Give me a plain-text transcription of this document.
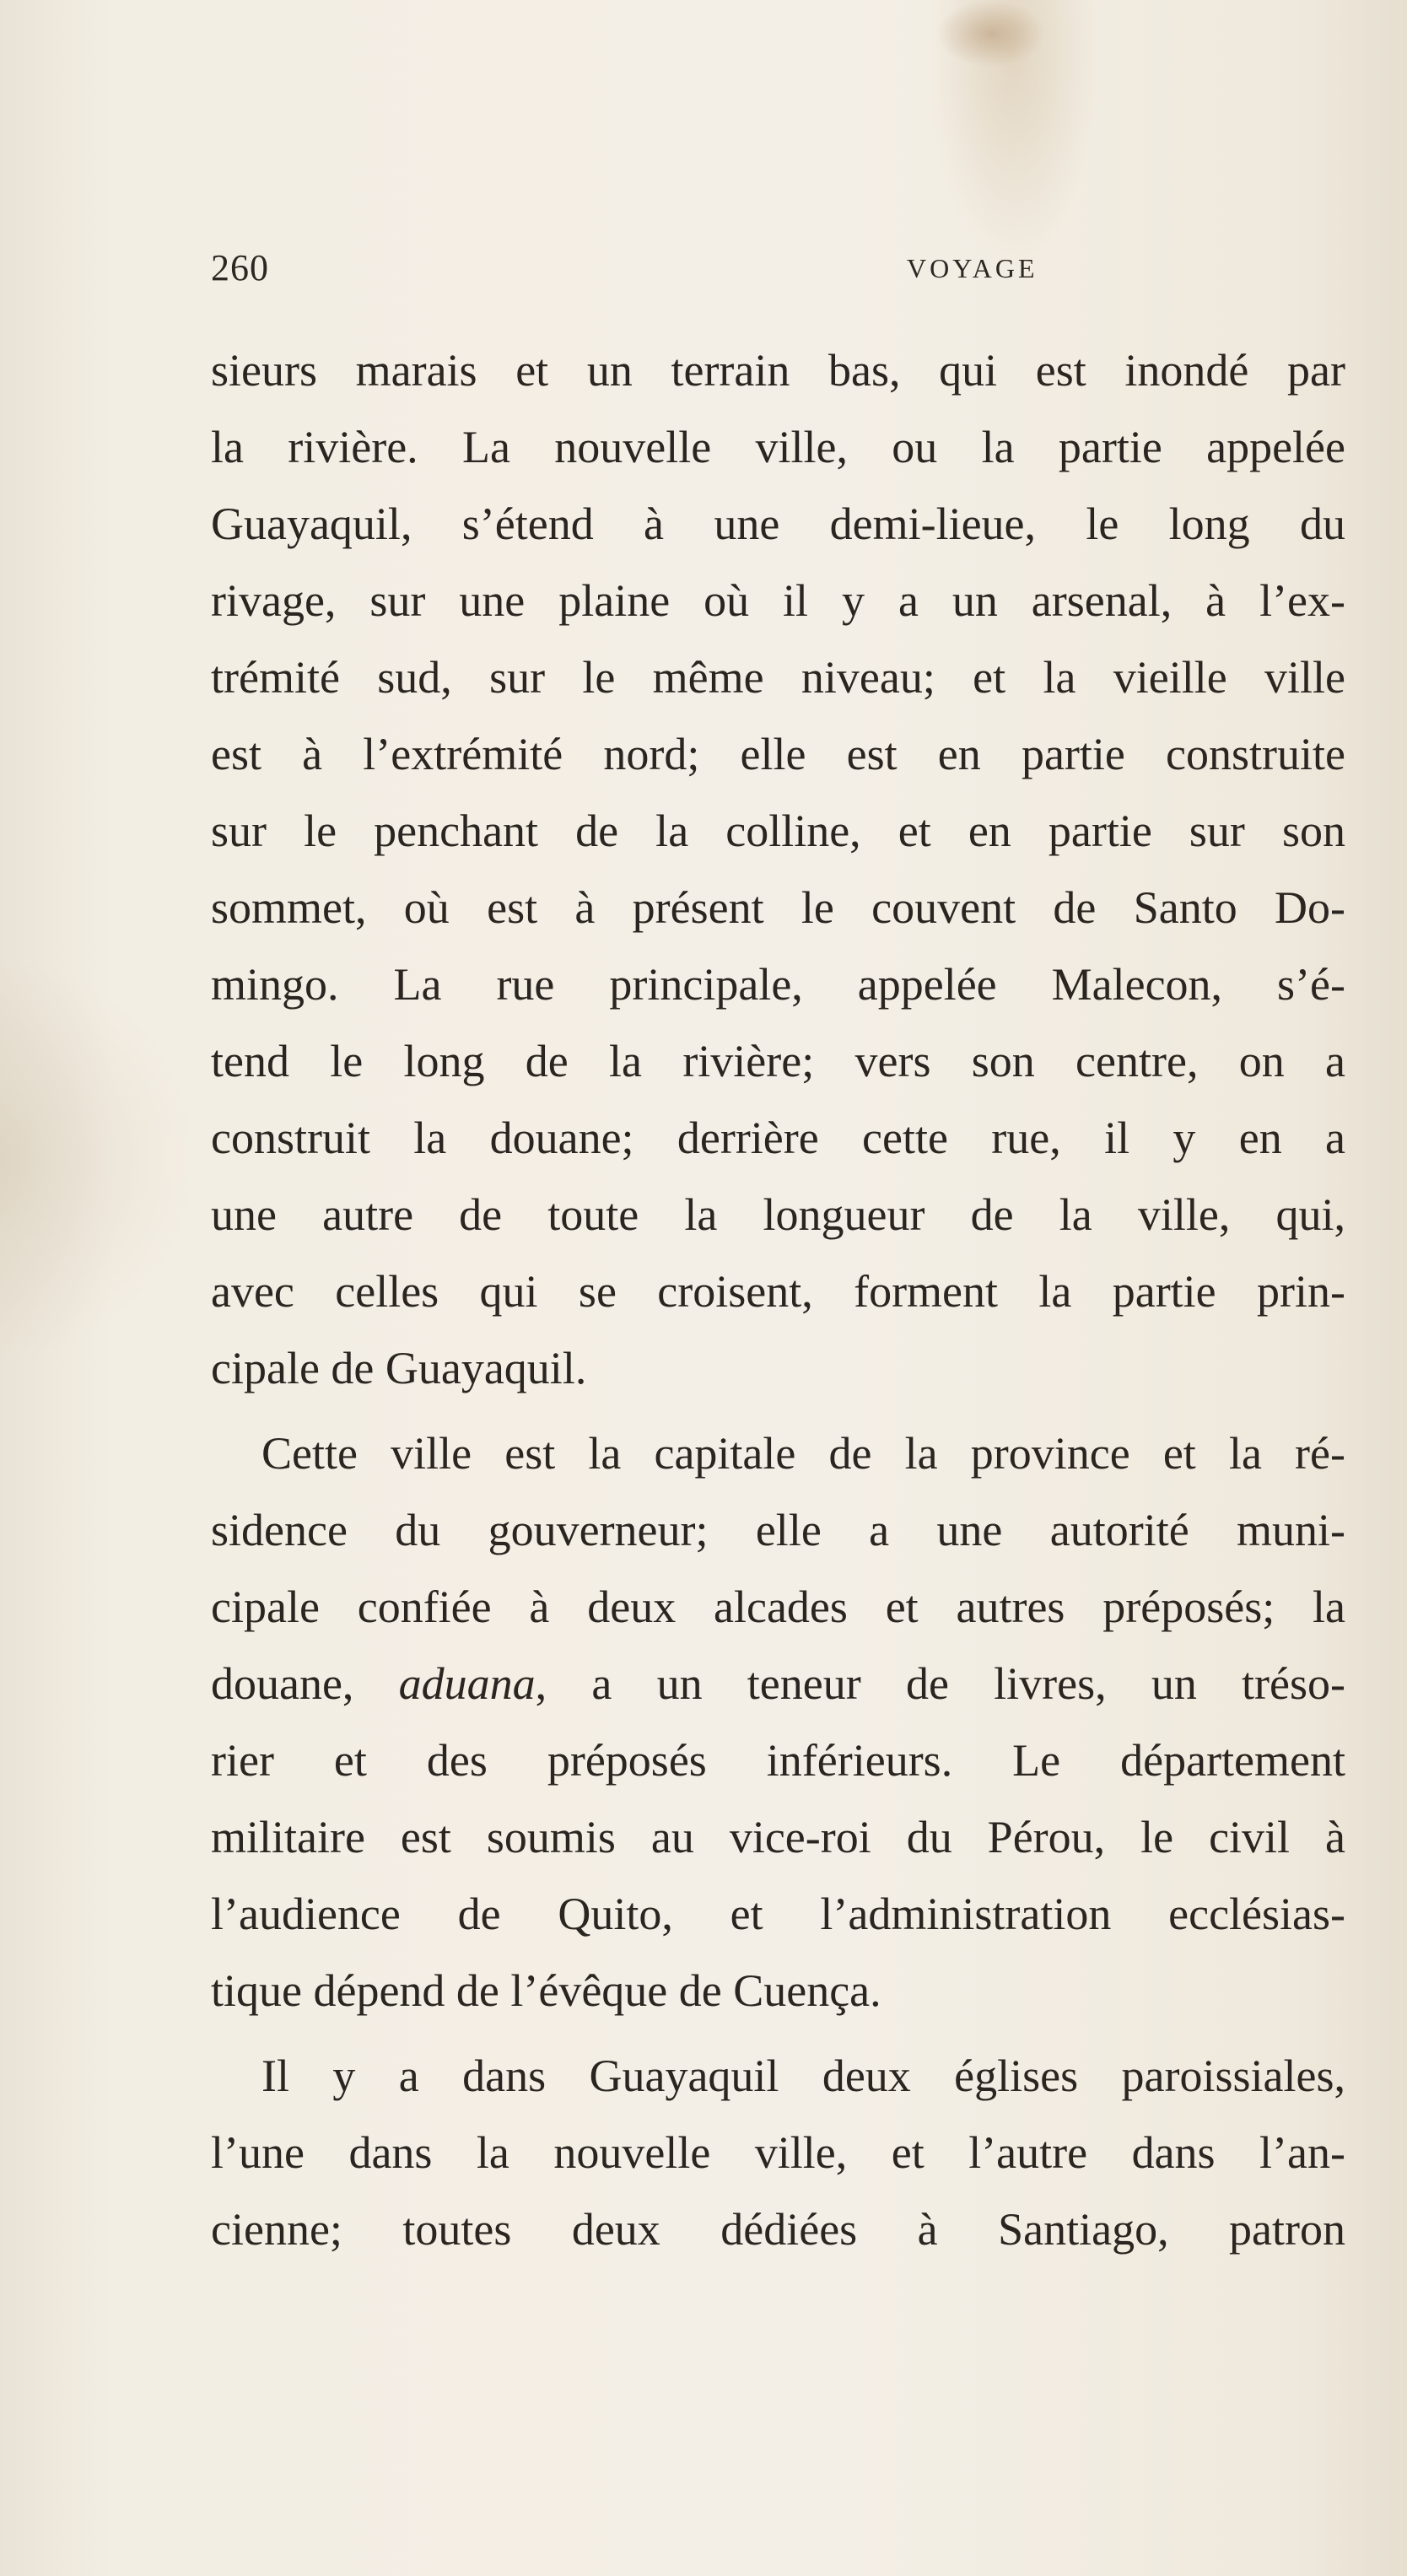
260	VOYAGE
sieurs marais et un terrain bas, qui est inondé par
la rivière. La nouvelle ville, ou la partie appelée
Guayaquil, s’étend à une demi-lieue, le long du
rivage, sur une plaine où il y a un arsenal, à l’ex-
trémité sud, sur le même niveau; et la vieille ville
est à l’extrémité nord; elle est en partie construite
sur le penchant de la colline, et en partie sur son
sommet, où est à présent le couvent de Santo Do-
mingo. La rue principale, appelée Malecon, s’é-
tend le long de la rivière; vers son centre, on a
construit la douane; derrière cette rue, il y en a
une autre de toute la longueur de la ville, qui,
avec celles qui se croisent, forment la partie prin-
cipale de Guayaquil.
Cette ville est la capitale de la province et la ré-
sidence du gouverneur; elle a une autorité muni-
cipale confiée à deux alcades et autres préposés; la
douane, aduana, a un teneur de livres, un tréso-
rier et des préposés inférieurs. Le département
militaire est soumis au vice-roi du Pérou, le civil à
l’audience de Quito, et l’administration ecclésias-
tique dépend de l’évêque de Cuença.
Il y a dans Guayaquil deux églises paroissiales,
l’une dans la nouvelle ville, et l’autre dans l’an-
cienne; toutes deux dédiées à Santiago, patron
